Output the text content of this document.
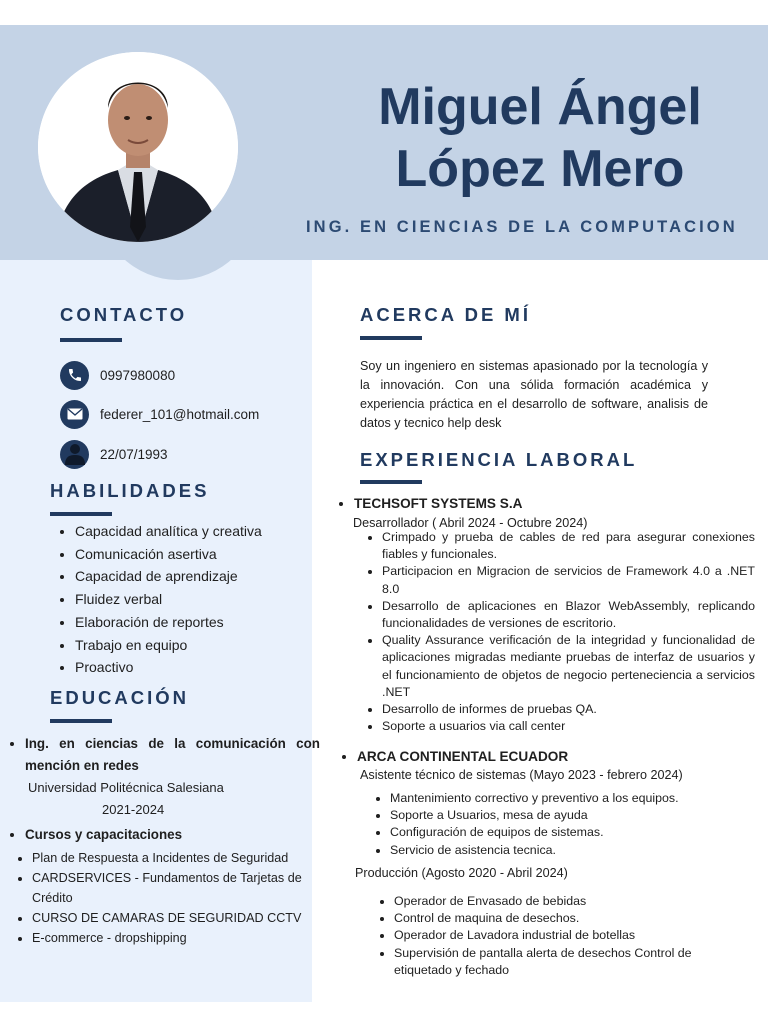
Miguel Ángel
López Mero
ING. EN CIENCIAS DE LA COMPUTACION
CONTACTO
0997980080
federer_101@hotmail.com
22/07/1993
HABILIDADES
• Capacidad analítica y creativa
• Comunicación asertiva
• Capacidad de aprendizaje
• Fluidez verbal
• Elaboración de reportes
• Trabajo en equipo
• Proactivo
EDUCACIÓN
• Ing. en ciencias de la comunicación con mención en redes
Universidad Politécnica Salesiana
2021-2024
• Cursos y capacitaciones
• Plan de Respuesta a Incidentes de Seguridad
• CARDSERVICES - Fundamentos de Tarjetas de Crédito
• CURSO DE CAMARAS DE SEGURIDAD CCTV
• E-commerce - dropshipping
ACERCA DE MÍ

Soy un ingeniero en sistemas apasionado por la tecnología y la innovación. Con una sólida formación académica y experiencia práctica en el desarrollo de software, analisis de datos y tecnico help desk

EXPERIENCIA LABORAL
• TECHSOFT SYSTEMS S.A
Desarrollador ( Abril 2024 - Octubre 2024)
• Crimpado y prueba de cables de red para asegurar conexiones fiables y funcionales.
• Participacion en Migracion de servicios de Framework 4.0 a .NET 8.0
• Desarrollo de aplicaciones en Blazor WebAssembly, replicando funcionalidades de versiones de escritorio.
• Quality Assurance verificación de la integridad y funcionalidad de aplicaciones migradas mediante pruebas de interfaz de usuarios y el funcionamiento de objetos de negocio perteneciencia a servicios .NET
• Desarrollo de informes de pruebas QA.
• Soporte a usuarios via call center
• ARCA CONTINENTAL ECUADOR
Asistente técnico de sistemas (Mayo 2023 - febrero 2024)
• Mantenimiento correctivo y preventivo a los equipos.
• Soporte a Usuarios, mesa de ayuda
• Configuración de equipos de sistemas.
• Servicio de asistencia tecnica.
Producción (Agosto 2020 - Abril 2024)
• Operador de Envasado de bebidas
• Control de maquina de desechos.
• Operador de Lavadora industrial de botellas
• Supervisión de pantalla alerta de desechos Control de etiquetado y fechado
